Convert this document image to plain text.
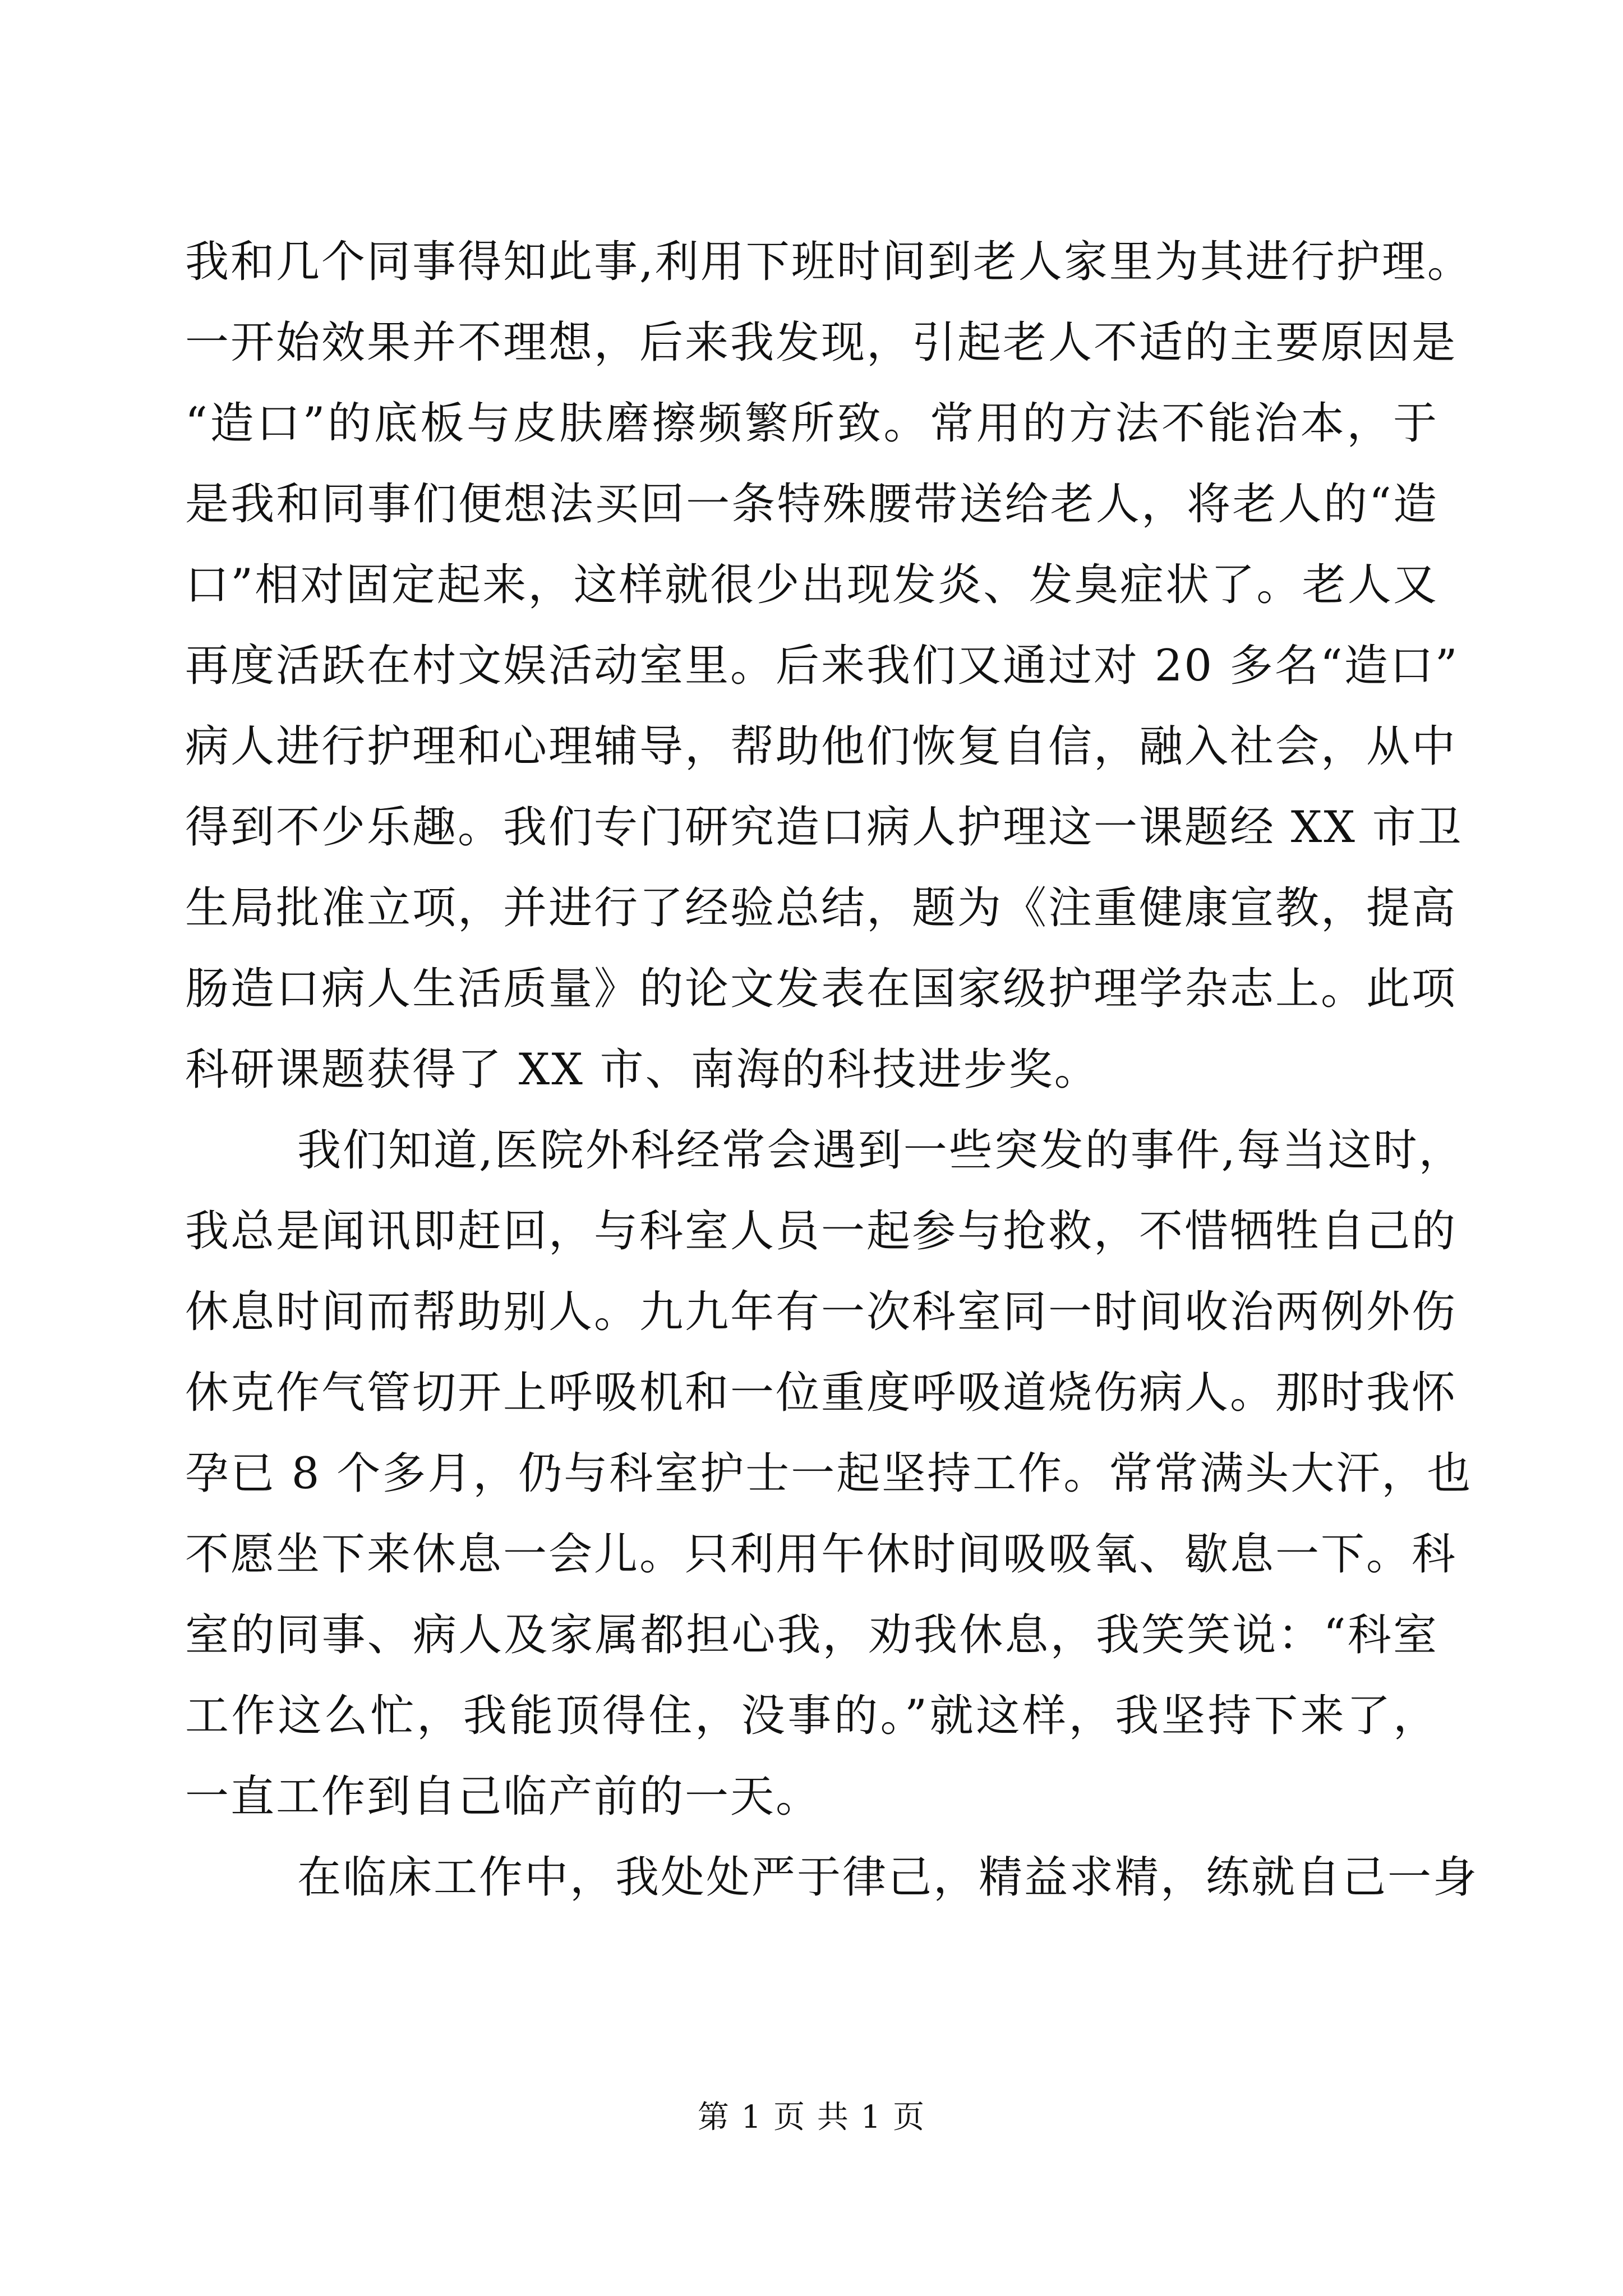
我和几个同事得知此事,利用下班时间到老人家里为其进行护理。
一开始效果并不理想，后来我发现，引起老人不适的主要原因是
“造口”的底板与皮肤磨擦频繁所致。常用的方法不能治本，于
是我和同事们便想法买回一条特殊腰带送给老人，将老人的“造
口”相对固定起来，这样就很少出现发炎、发臭症状了。老人又
再度活跃在村文娱活动室里。后来我们又通过对 20 多名“造口”
病人进行护理和心理辅导，帮助他们恢复自信，融入社会，从中
得到不少乐趣。我们专门研究造口病人护理这一课题经 XX 市卫
生局批准立项，并进行了经验总结，题为《注重健康宣教，提高
肠造口病人生活质量》的论文发表在国家级护理学杂志上。此项
科研课题获得了 XX 市、南海的科技进步奖。
我们知道,医院外科经常会遇到一些突发的事件,每当这时，
我总是闻讯即赶回，与科室人员一起参与抢救，不惜牺牲自己的
休息时间而帮助别人。九九年有一次科室同一时间收治两例外伤
休克作气管切开上呼吸机和一位重度呼吸道烧伤病人。那时我怀
孕已 8 个多月，仍与科室护士一起坚持工作。常常满头大汗，也
不愿坐下来休息一会儿。只利用午休时间吸吸氧、歇息一下。科
室的同事、病人及家属都担心我，劝我休息，我笑笑说：“科室
工作这么忙，我能顶得住，没事的。”就这样，我坚持下来了，
一直工作到自己临产前的一天。
在临床工作中，我处处严于律己，精益求精，练就自己一身
第 1 页 共 1 页
